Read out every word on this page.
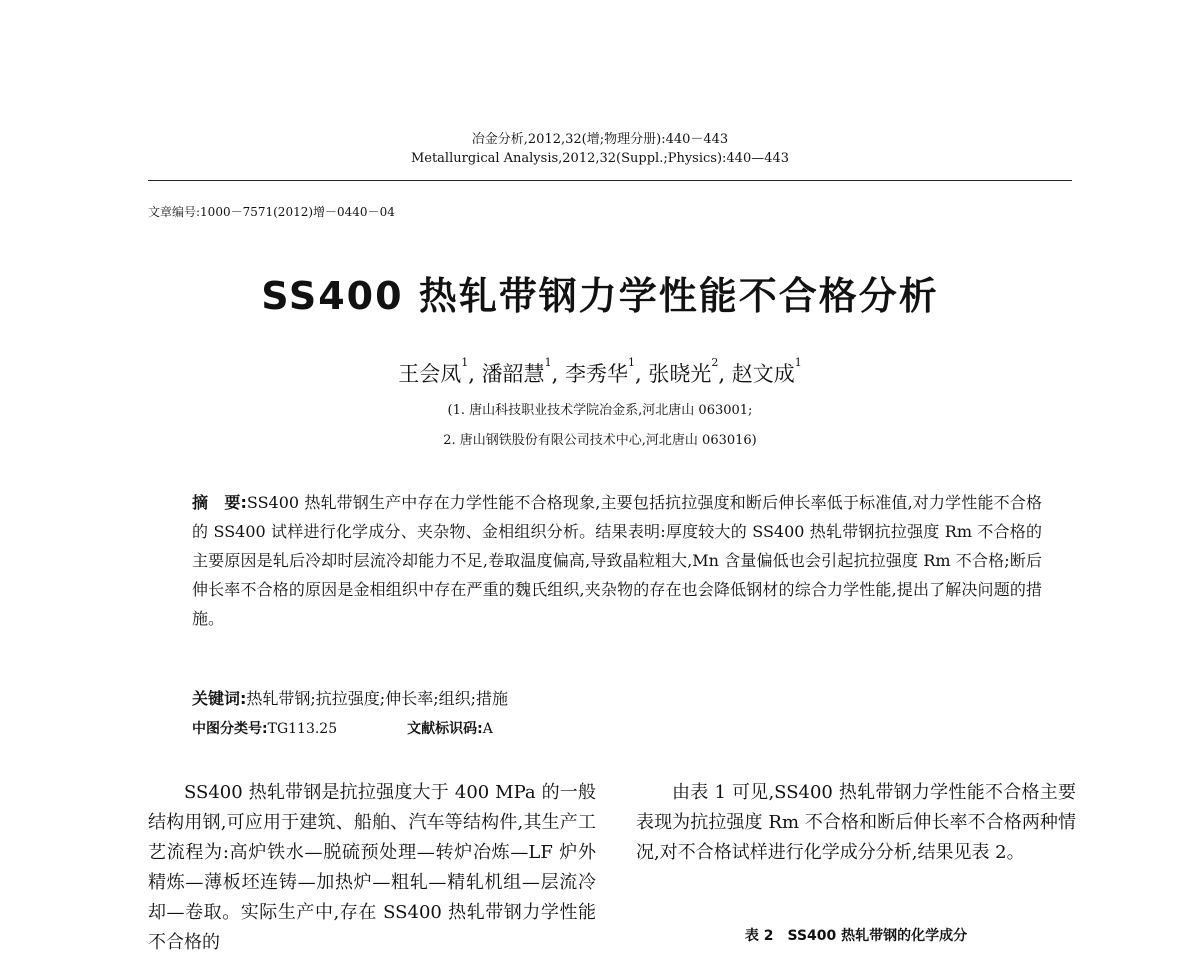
冶金分析,2012,32(增;物理分册):440－443
Metallurgical Analysis,2012,32(Suppl.;Physics):440—443
文章编号:1000－7571(2012)增－0440－04
SS400 热轧带钢力学性能不合格分析
王会凤$^1$, 潘韶慧$^1$, 李秀华$^1$, 张晓光$^2$, 赵文成$^1$
(1. 唐山科技职业技术学院冶金系,河北唐山 063001;
2. 唐山钢铁股份有限公司技术中心,河北唐山 063016)
摘　要:SS400 热轧带钢生产中存在力学性能不合格现象,主要包括抗拉强度和断后伸长率低于标准值,对力学性能不合格的 SS400 试样进行化学成分、夹杂物、金相组织分析。结果表明:厚度较大的 SS400 热轧带钢抗拉强度 Rm 不合格的主要原因是轧后冷却时层流冷却能力不足,卷取温度偏高,导致晶粒粗大,Mn 含量偏低也会引起抗拉强度 Rm 不合格;断后伸长率不合格的原因是金相组织中存在严重的魏氏组织,夹杂物的存在也会降低钢材的综合力学性能,提出了解决问题的措施。
关键词:热轧带钢;抗拉强度;伸长率;组织;措施
中图分类号:TG113.25	文献标识码:A
SS400 热轧带钢是抗拉强度大于 400 MPa 的一般结构用钢,可应用于建筑、船舶、汽车等结构件,其生产工艺流程为:高炉铁水—脱硫预处理—转炉冶炼—LF 炉外精炼—薄板坯连铸—加热炉—粗轧—精轧机组—层流冷却—卷取。实际生产中,存在 SS400 热轧带钢力学性能不合格的
由表 1 可见,SS400 热轧带钢力学性能不合格主要表现为抗拉强度 Rm 不合格和断后伸长率不合格两种情况,对不合格试样进行化学成分分析,结果见表 2。
表 2　SS400 热轧带钢的化学成分
